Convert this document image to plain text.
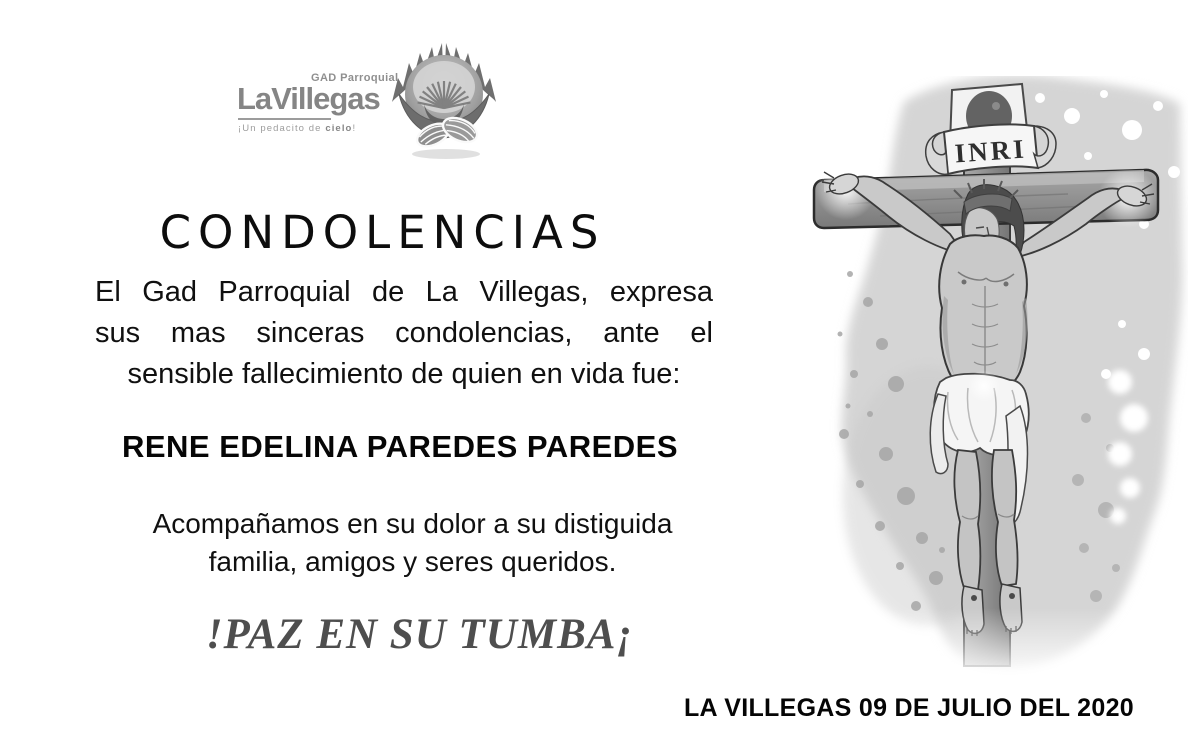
GAD Parroquial
LaVillegas
¡Un pedacito de cielo!
CONDOLENCIAS
El Gad Parroquial de La Villegas, expresa
sus mas sinceras condolencias, ante el
sensible fallecimiento de quien en vida fue:
RENE EDELINA PAREDES PAREDES
Acompañamos en su dolor a su distiguida
familia, amigos y seres queridos.
!PAZ EN SU TUMBA¡
LA VILLEGAS 09 DE JULIO DEL 2020
INRI
